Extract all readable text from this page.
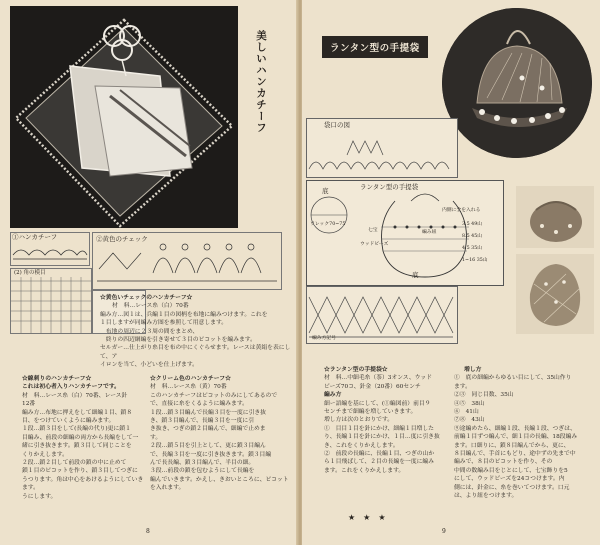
美しいハンカチーフ
①ハンカチーフ	②黄色のチェック
(2) 角の模目
☆黄色いチェックのハンカチーフ☆
材　料…レース糸（白）70番
編み方…図１は、兵編１目の図柄を布地に編みつけます。これを
１目しますが同編み方图を参照して用意します。
　布地の周辺に２３周の間をまとめ、
　終りの四辺網編を引き寄せて３目のピコットを編みます。
セルガー…仕上がり糸目を布の中にくぐらせます。レースは黄絹を表にして、ア
イロンを当て、小どいを仕上げます。
☆線刺りのハンカチーフ☆
これは初心者入りハンカチーフです。
材　料…レース糸（白）70番、レース針
12番
編み方…布地に押えをして細編１目、鎖８
目、をつけていくように編みます。
１段…鎖３目をして(長編の代り)更に鎖１
目編み、前段の細編の両方から長編をして一
緒に引き抜きます。鎖３目して同じことを
くりかえします。
２段…鎖２目して前段の鎖の中に止めて
鎖１目のピコットを作り、鎖３目してつぎに
うつります。角は中心をあけるようにしていきます。
うにします。
☆クリーム色のハンカチーフ☆
材　料…レース糸（黄）70番
このハンカチーフはピコットのみにしてあるので
で、直接に糸をくるように編みます。
１段…鎖３目編んで長編３目を一度に引き抜
き、鎖３目編んで、長編３目を一度に引
き抜き、つぎの鎖２目編んで、細編で止めま
す。
２段…鎖５目を引上として、更に鎖３目編ん
で、長編３目を一度に引き抜きます。鎖３目編
んで長長編、鎖３目編んで、半目の細。
３段…前段の鎖を包むようにして長編を
編んでいきます。かえし、きおいところに、ピコット
を入れます。
8
ランタン型の手提袋
袋口の図
ランタン型の手提袋
底
内側に全を入れる
3.5 49山
七宝	編み紐
8.5 45山
4.5 35山
ウッドビーズ
1~16 35山
底
ワレック70~75
編み方記号
☆ランタン型の手提袋☆
材　料…中細毛糸（茶）3オンス、ウッド
ビーズ70コ、針金（20番）60センチ
編み方
細ー語編を基にして、(①編図前）前目９
センチまで細編を増していきます。
増し方は次のとおりです。
①　目目１目を針にかけ、細編１目増した
り、長編１目を針にかけ、１目…度に引き抜
き、これをくりかえします。
②　前段の長編に、長編１目、つぎの山か
ら１目飛ばして、２目の長編を一度に編み
ます。これをくりかえします。
増し方
①　底の細編からゆるい目にして、35山作り
ます。
②③　同じ目数、35山
④⑤　38山
⑥　41山
⑦⑧　43山
⑨途編めたら、細編１段、長編１段、つぎは、
前編１目ずつ編んで、細１目の長編、18段編み
ます。口細りに、鎖８目編んでから、更に、
８目編んで、手首にもどり、途中ずの先まで中
編みで、８目のピコットを作り、その
中間の数編み目をじとにして、七宝飾りを5
にして、ウッドビーズを24コつけます。内
側には、針金に、糸を巻いてつけます。口元
は、より紐をつけます。
★　★　★
9
